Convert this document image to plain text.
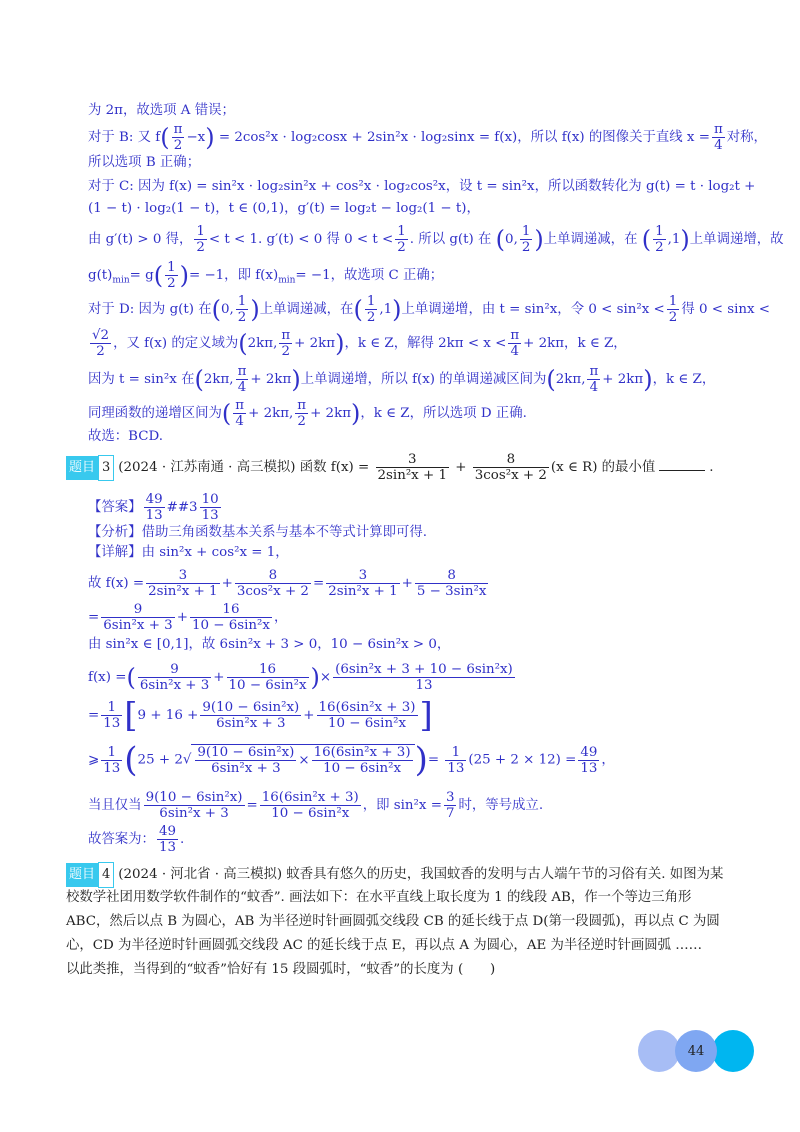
为 2π，故选项 A 错误；
对于 B: 又 $f( \frac{\pi}{2} -x) = 2\cos^2x \cdot \log_2\cos x + 2\sin^2x \cdot \log_2\sin x = f(x)$，所以 f(x) 的图像关于直线 $x = \frac{\pi}{4}$ 对称，
所以选项 B 正确；
对于 C: 因为 f(x) = sin²x · log₂sin²x + cos²x · log₂cos²x，设 t = sin²x，所以函数转化为 g(t) = t · log₂t +
(1 − t) · log₂(1 − t)，t ∈ (0,1)，g′(t) = log₂t − log₂(1 − t)，
由 g′(t) > 0 得， $\frac{1}{2} < t < 1$. g′(t) < 0 得 $0 < t < \frac{1}{2}$ . 所以 g(t) 在 (0, $\frac{1}{2}$ )上单调递减，在 ( $\frac{1}{2} ,1$)上单调递增，故
$g(t)_{min}= g( \frac{1}{2}$ )= −1，即 $f(x)_{min}= -1$，故选项 C 正确；
对于 D: 因为 g(t) 在(0, $\frac{1}{2}$ )上单调递减，在( $\frac{1}{2} ,1$)上单调递增，由 t = sin²x，令 $0 < \sin^2x < \frac{1}{2}$ 得 0 < sinx <
$\frac{√2}{2}$ ，又 f(x) 的定义域为(2kπ, $\frac{\pi}{2} + 2k\pi$)，k ∈ Z，解得 $2k\pi < x < \frac{\pi}{4} + 2k\pi$，k ∈ Z，
因为 t = sin²x 在(2kπ, $\frac{\pi}{4} + 2k\pi$)上单调递增，所以 f(x) 的单调递减区间为(2kπ, $\frac{\pi}{4} + 2k\pi$)，k ∈ Z，
同理函数的递增区间为( $\frac{\pi}{4} + 2k\pi$, $\frac{\pi}{2} + 2k\pi$)，k ∈ Z，所以选项 D 正确.
故选：BCD.
题目 3 (2024 · 江苏南通 · 高三模拟) 函数 $f(x) = \frac{3}{\text{2sin²x + 1}} + \frac{8}{\text{3cos²x + 2}} (x$ ∈ R) 的最小值	.
【答案】 $\frac{49}{13}$ ##3 $\frac{10}{13}$
【分析】借助三角函数基本关系与基本不等式计算即可得.
【详解】由 sin²x + cos²x = 1，
故 $f(x) = \frac{3}{\text{2sin²x + 1}} + \frac{8}{\text{3cos²x + 2}} = \frac{3}{\text{2sin²x + 1}} + \frac{8}{\text{5 − 3sin²x}}$
= $\frac{9}{\text{6sin²x + 3}} + \frac{16}{\text{10 − 6sin²x}}$ ，
由 sin²x ∈ [0,1]，故 6sin²x + 3 > 0，10 − 6sin²x > 0，
f(x) =( $\frac{9}{\text{6sin²x + 3}} + \frac{16}{\text{10 − 6sin²x}}$ )× $\frac{\text{(6sin²x + 3 + 10 − 6sin²x)}}{13}$
= $\frac{1}{13} [9 + 16 + \frac{\text{9(10 − 6sin²x)}}{\text{6sin²x + 3}} + \frac{\text{16(6sin²x + 3)}}{\text{10 − 6sin²x}}$ ]
⩾ $\frac{1}{13} (25 + 2√ \frac{\text{9(10 − 6sin²x)}}{\text{6sin²x + 3}} \times \frac{\text{16(6sin²x + 3)}}{\text{10 − 6sin²x}}$ )= $\frac{1}{13} (25 + 2 \times 12) = \frac{49}{13}$ ，
当且仅当 $\frac{\text{9(10 − 6sin²x)}}{\text{6sin²x + 3}} = \frac{\text{16(6sin²x + 3)}}{\text{10 − 6sin²x}}$ ，即 $\sin^2x = \frac{3}{7}$ 时，等号成立.
故答案为： $\frac{49}{13}$ .
题目 4 (2024 · 河北省 · 高三模拟) 蚊香具有悠久的历史，我国蚊香的发明与古人端午节的习俗有关. 如图为某
校数学社团用数学软件制作的“蚊香”. 画法如下：在水平直线上取长度为 1 的线段 AB，作一个等边三角形
ABC，然后以点 B 为圆心，AB 为半径逆时针画圆弧交线段 CB 的延长线于点 D(第一段圆弧)，再以点 C 为圆
心，CD 为半径逆时针画圆弧交线段 AC 的延长线于点 E，再以点 A 为圆心，AE 为半径逆时针画圆弧 ……
以此类推，当得到的“蚊香”恰好有 15 段圆弧时，“蚊香”的长度为 (　　)
44
